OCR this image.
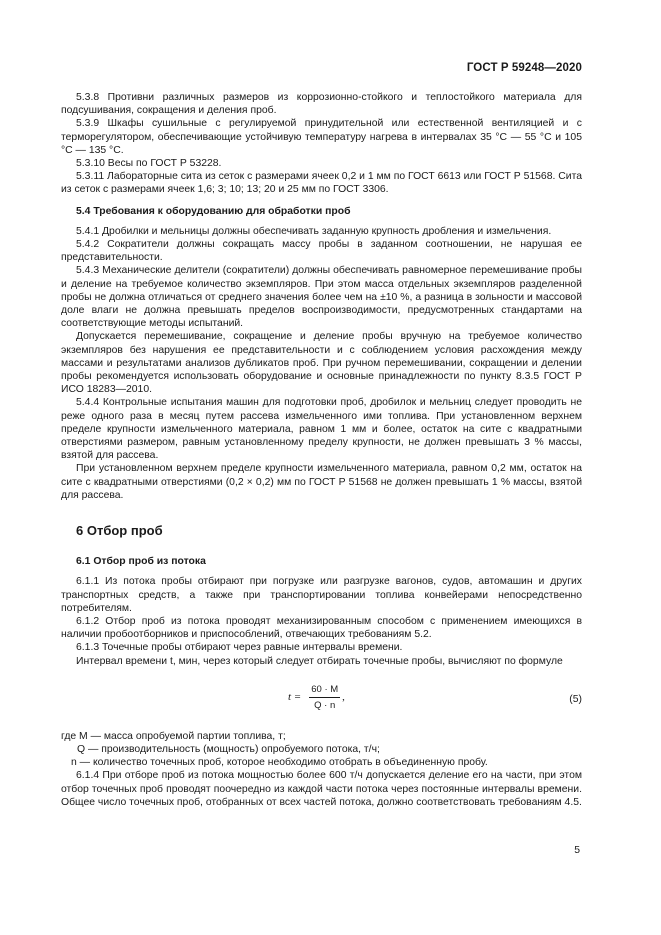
ГОСТ Р 59248—2020

5.3.8 Противни различных размеров из коррозионно-стойкого и теплостойкого материала для подсушивания, сокращения и деления проб.

5.3.9 Шкафы сушильные с регулируемой принудительной или естественной вентиляцией и с терморегулятором, обеспечивающие устойчивую температуру нагрева в интервалах 35 °C — 55 °C и 105 °C — 135 °C.

5.3.10 Весы по ГОСТ Р 53228.

5.3.11 Лабораторные сита из сеток с размерами ячеек 0,2 и 1 мм по ГОСТ 6613 или ГОСТ Р 51568. Сита из сеток с размерами ячеек 1,6; 3; 10; 13; 20 и 25 мм по ГОСТ 3306.

5.4 Требования к оборудованию для обработки проб

5.4.1 Дробилки и мельницы должны обеспечивать заданную крупность дробления и измельчения.

5.4.2 Сократители должны сокращать массу пробы в заданном соотношении, не нарушая ее представительности.

5.4.3 Механические делители (сократители) должны обеспечивать равномерное перемешивание пробы и деление на требуемое количество экземпляров. При этом масса отдельных экземпляров разделенной пробы не должна отличаться от среднего значения более чем на ±10 %, а разница в зольности и массовой доле влаги не должна превышать пределов воспроизводимости, предусмотренных стандартами на соответствующие методы испытаний.

Допускается перемешивание, сокращение и деление пробы вручную на требуемое количество экземпляров без нарушения ее представительности и с соблюдением условия расхождения между массами и результатами анализов дубликатов проб. При ручном перемешивании, сокращении и делении пробы рекомендуется использовать оборудование и основные принадлежности по пункту 8.3.5 ГОСТ Р ИСО 18283—2010.

5.4.4 Контрольные испытания машин для подготовки проб, дробилок и мельниц следует проводить не реже одного раза в месяц путем рассева измельченного ими топлива. При установленном верхнем пределе крупности измельченного материала, равном 1 мм и более, остаток на сите с квадратными отверстиями размером, равным установленному пределу крупности, не должен превышать 3 % массы, взятой для рассева.

При установленном верхнем пределе крупности измельченного материала, равном 0,2 мм, остаток на сите с квадратными отверстиями (0,2 × 0,2) мм по ГОСТ Р 51568 не должен превышать 1 % массы, взятой для рассева.

6 Отбор проб

6.1 Отбор проб из потока

6.1.1 Из потока пробы отбирают при погрузке или разгрузке вагонов, судов, автомашин и других транспортных средств, а также при транспортировании топлива конвейерами непосредственно потребителям.

6.1.2 Отбор проб из потока проводят механизированным способом с применением имеющихся в наличии пробоотборников и приспособлений, отвечающих требованиям 5.2.

6.1.3 Точечные пробы отбирают через равные интервалы времени.

Интервал времени t, мин, через который следует отбирать точечные пробы, вычисляют по формуле

$t = \frac{60 \cdot M}{Q \cdot n}$ ,	(5)

где M — масса опробуемой партии топлива, т;

Q — производительность (мощность) опробуемого потока, т/ч;

n — количество точечных проб, которое необходимо отобрать в объединенную пробу.

6.1.4 При отборе проб из потока мощностью более 600 т/ч допускается деление его на части, при этом отбор точечных проб проводят поочередно из каждой части потока через постоянные интервалы времени. Общее число точечных проб, отобранных от всех частей потока, должно соответствовать требованиям 4.5.

5
